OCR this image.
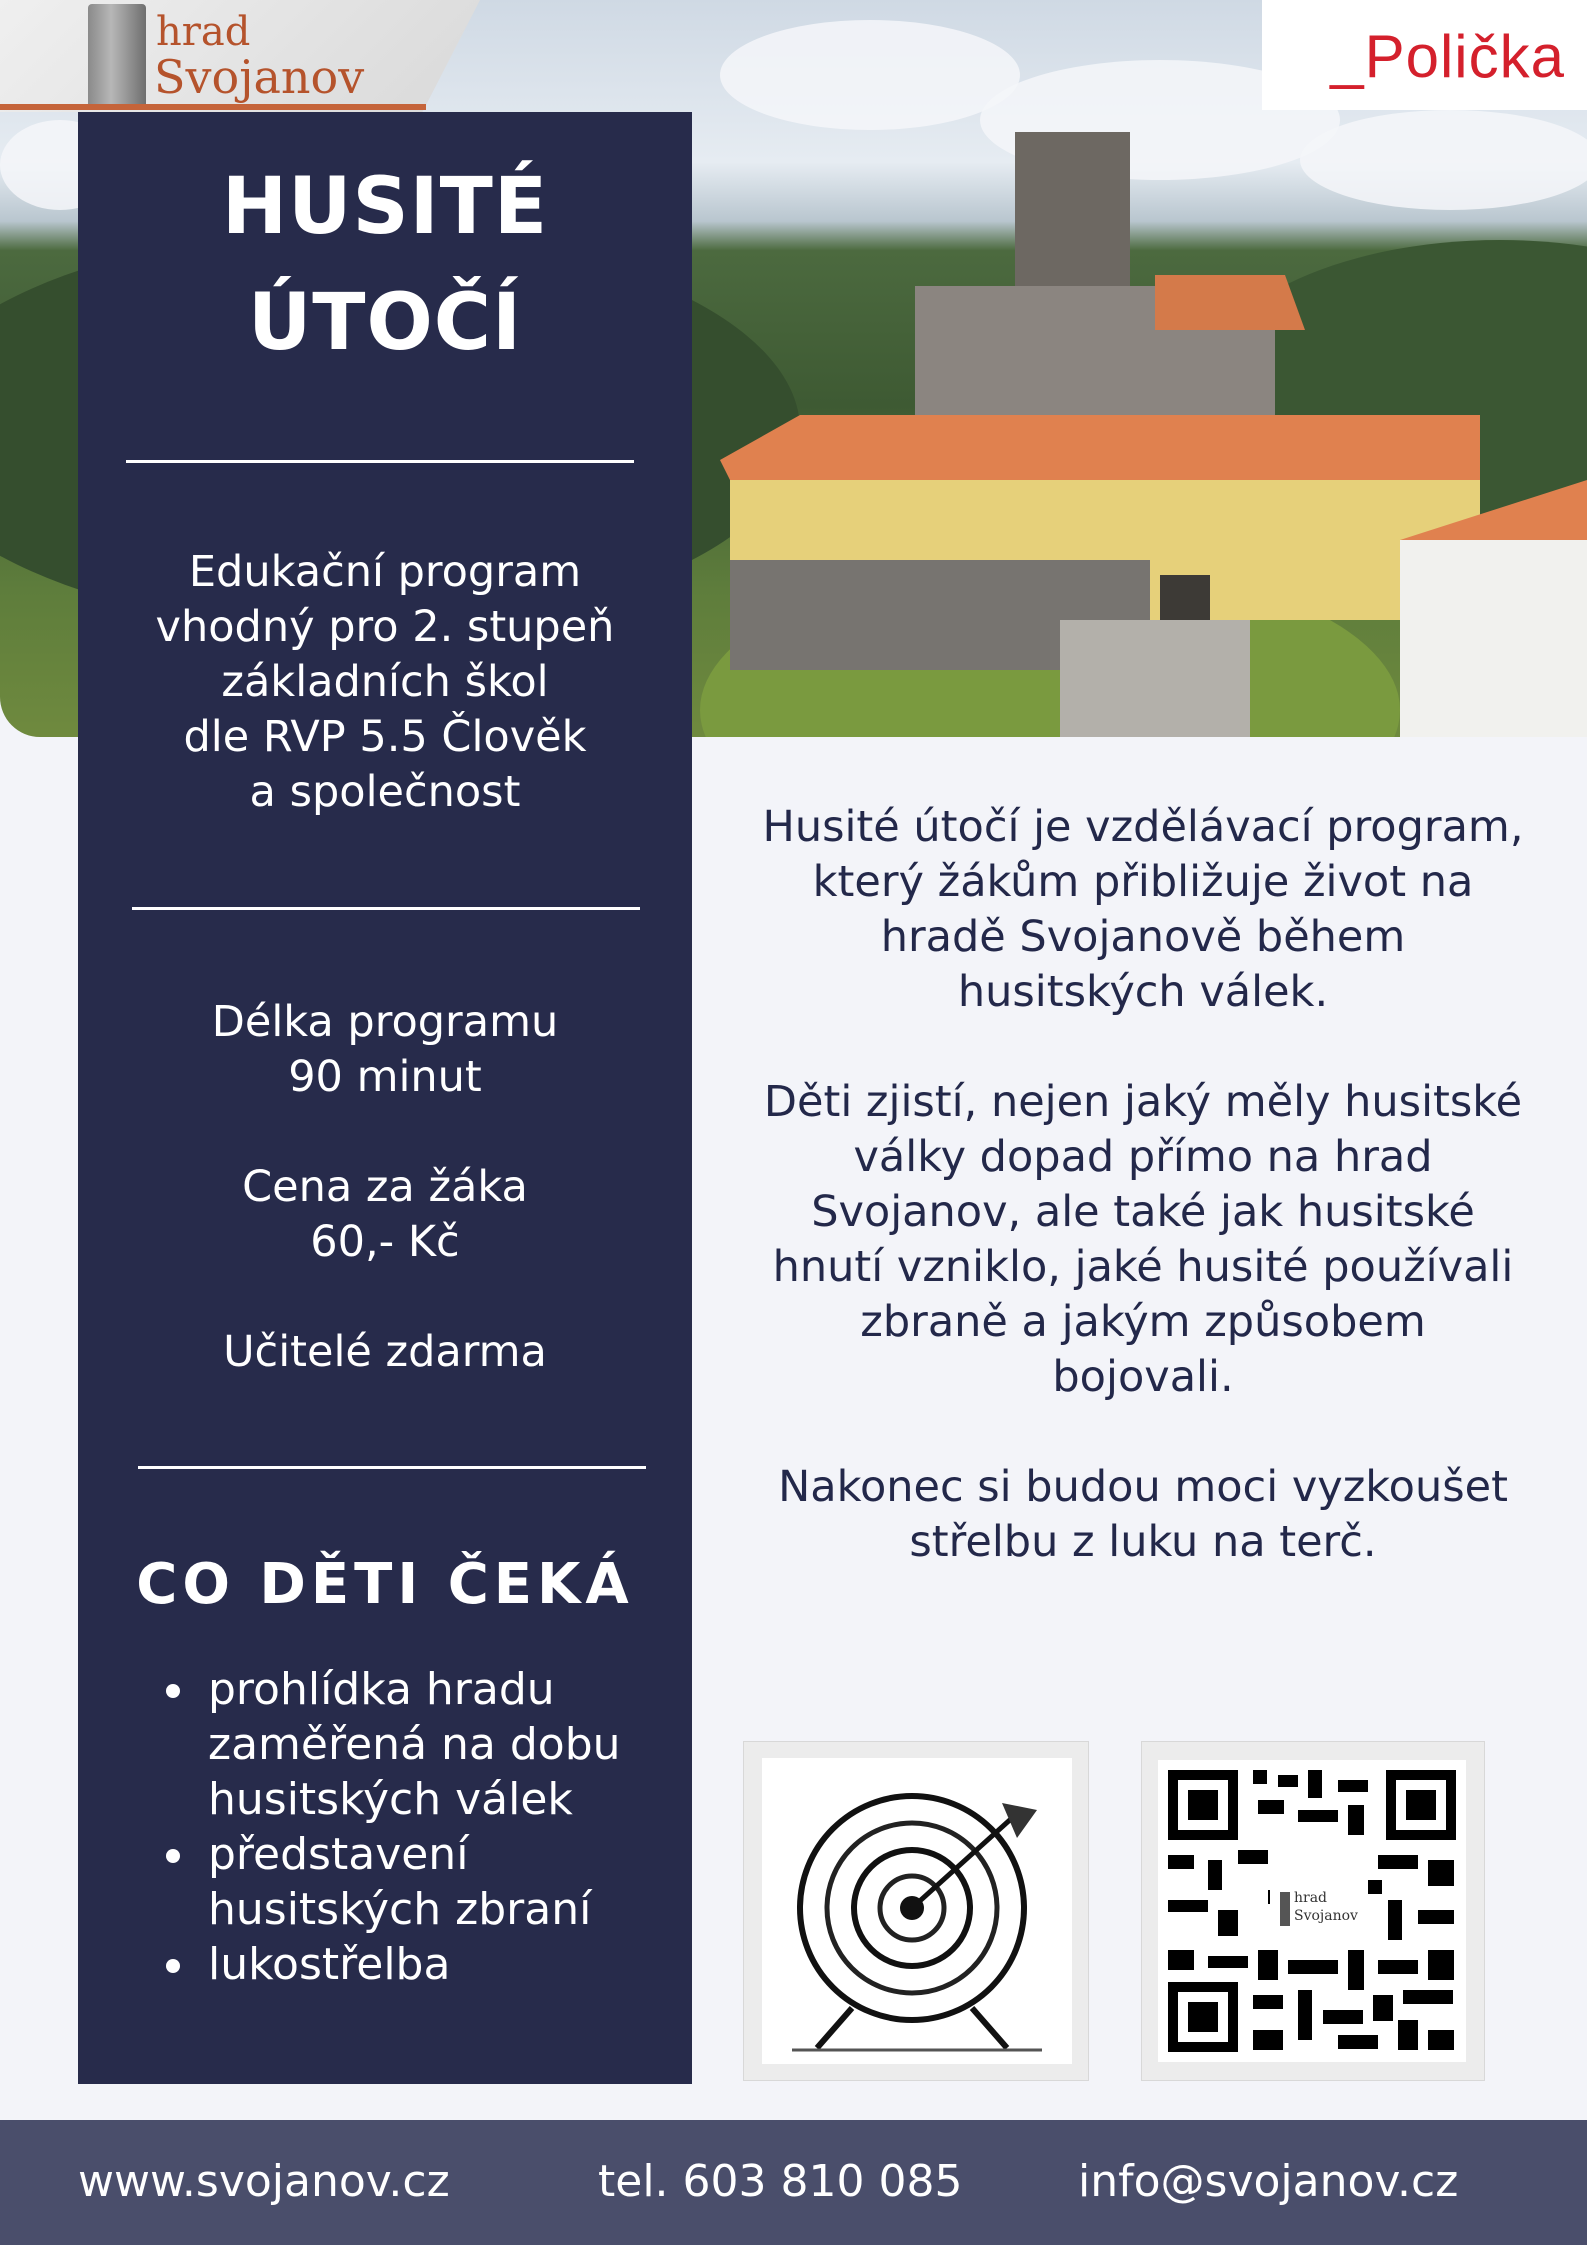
hrad
Svojanov	_Polička
HUSITÉ
ÚTOČÍ
Edukační program
vhodný pro 2. stupeň
základních škol
dle RVP 5.5 Člověk
a společnost
Délka programu
90 minut
Cena za žáka
60,- Kč
Učitelé zdarma
CO DĚTI ČEKÁ
prohlídka hradu zaměřená na dobu husitských válek
představení husitských zbraní
lukostřelba

Husité útočí je vzdělávací program,
který žákům přibližuje život na
hradě Svojanově během
husitských válek.

Děti zjistí, nejen jaký měly husitské
války dopad přímo na hrad
Svojanov, ale také jak husitské
hnutí vzniklo, jaké husité používali
zbraně a jakým způsobem
bojovali.

Nakonec si budou moci vyzkoušet
střelbu z luku na terč.

hrad
Svojanov
www.svojanov.cz	tel. 603 810 085	info@svojanov.cz
